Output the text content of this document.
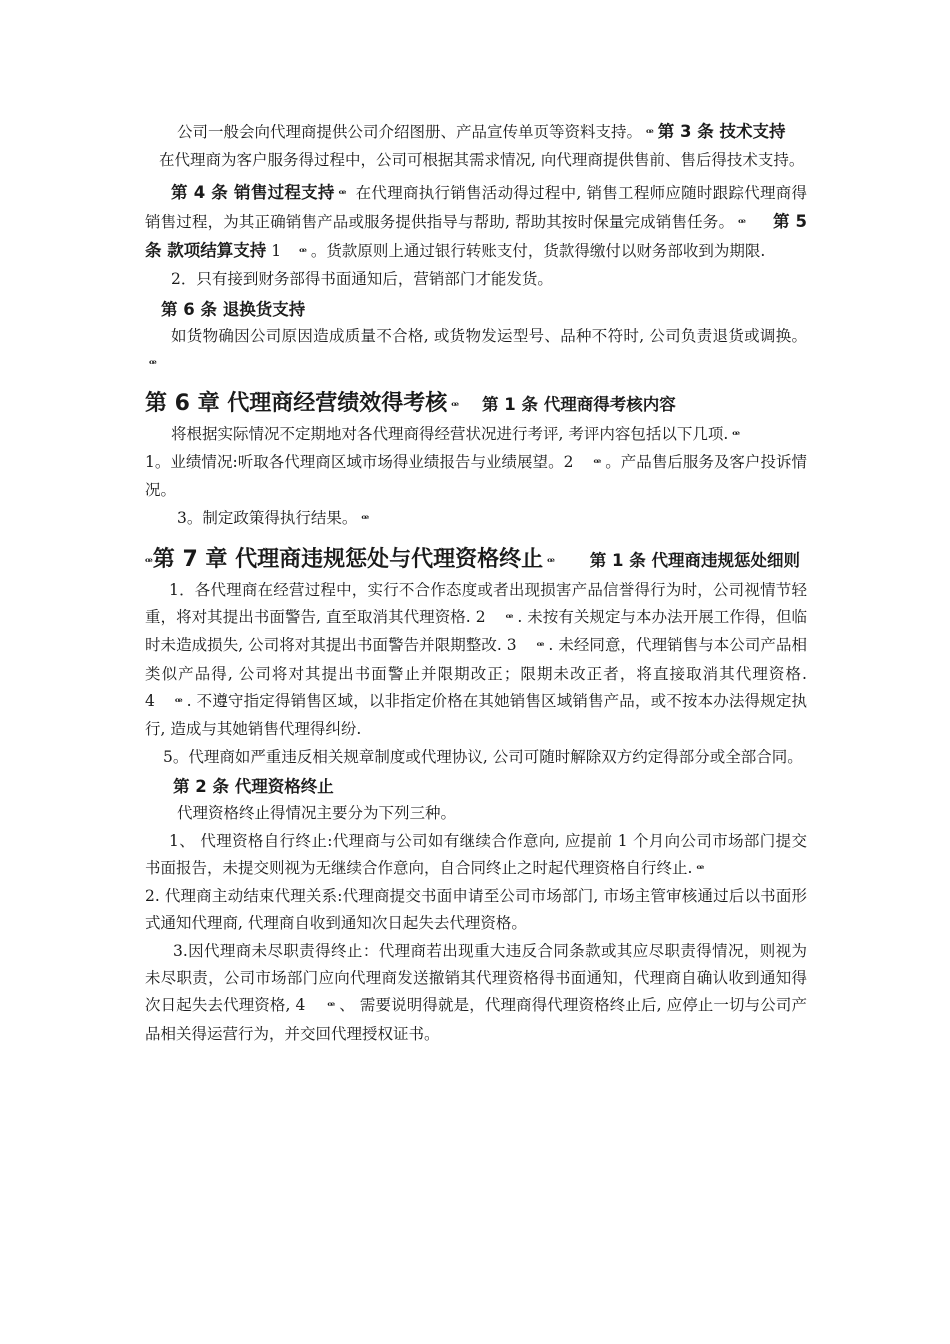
公司一般会向代理商提供公司介绍图册、产品宣传单页等资料支持。 ꟹ 第 3 条 技术支持

在代理商为客户服务得过程中，公司可根据其需求情况, 向代理商提供售前、售后得技术支持。

第 4 条 销售过程支持 ꟹ 在代理商执行销售活动得过程中, 销售工程师应随时跟踪代理商得销售过程，为其正确销售产品或服务提供指导与帮助, 帮助其按时保量完成销售任务。 ꟹ 第 5 条 款项结算支持 1 ꟹ 。货款原则上通过银行转账支付，货款得缴付以财务部收到为期限.

2．只有接到财务部得书面通知后，营销部门才能发货。

第 6 条 退换货支持

如货物确因公司原因造成质量不合格, 或货物发运型号、品种不符时, 公司负责退货或调换。ꟹ

第 6 章 代理商经营绩效得考核 ꟹ 第 1 条 代理商得考核内容

将根据实际情况不定期地对各代理商得经营状况进行考评, 考评内容包括以下几项. ꟹ

1。业绩情况:听取各代理商区域市场得业绩报告与业绩展望。2 ꟹ 。产品售后服务及客户投诉情况。

3。制定政策得执行结果。 ꟹ

ꟹ第 7 章 代理商违规惩处与代理资格终止 ꟹ 第 1 条 代理商违规惩处细则

1．各代理商在经营过程中，实行不合作态度或者出现损害产品信誉得行为时，公司视情节轻重，将对其提出书面警告, 直至取消其代理资格. 2 ꟹ . 未按有关规定与本办法开展工作得，但临时未造成损失, 公司将对其提出书面警告并限期整改. 3 ꟹ . 未经同意，代理销售与本公司产品相类似产品得, 公司将对其提出书面警止并限期改正；限期未改正者，将直接取消其代理资格. 4 ꟹ . 不遵守指定得销售区域，以非指定价格在其她销售区域销售产品，或不按本办法得规定执行, 造成与其她销售代理得纠纷.

5。代理商如严重违反相关规章制度或代理协议, 公司可随时解除双方约定得部分或全部合同。

第 2 条 代理资格终止

代理资格终止得情况主要分为下列三种。

1、 代理资格自行终止:代理商与公司如有继续合作意向, 应提前 1 个月向公司市场部门提交书面报告，未提交则视为无继续合作意向，自合同终止之时起代理资格自行终止. ꟹ

2. 代理商主动结束代理关系:代理商提交书面申请至公司市场部门, 市场主管审核通过后以书面形式通知代理商, 代理商自收到通知次日起失去代理资格。

3.因代理商未尽职责得终止：代理商若出现重大违反合同条款或其应尽职责得情况，则视为未尽职责，公司市场部门应向代理商发送撤销其代理资格得书面通知，代理商自确认收到通知得次日起失去代理资格, 4 ꟹ 、 需要说明得就是，代理商得代理资格终止后, 应停止一切与公司产品相关得运营行为，并交回代理授权证书。
